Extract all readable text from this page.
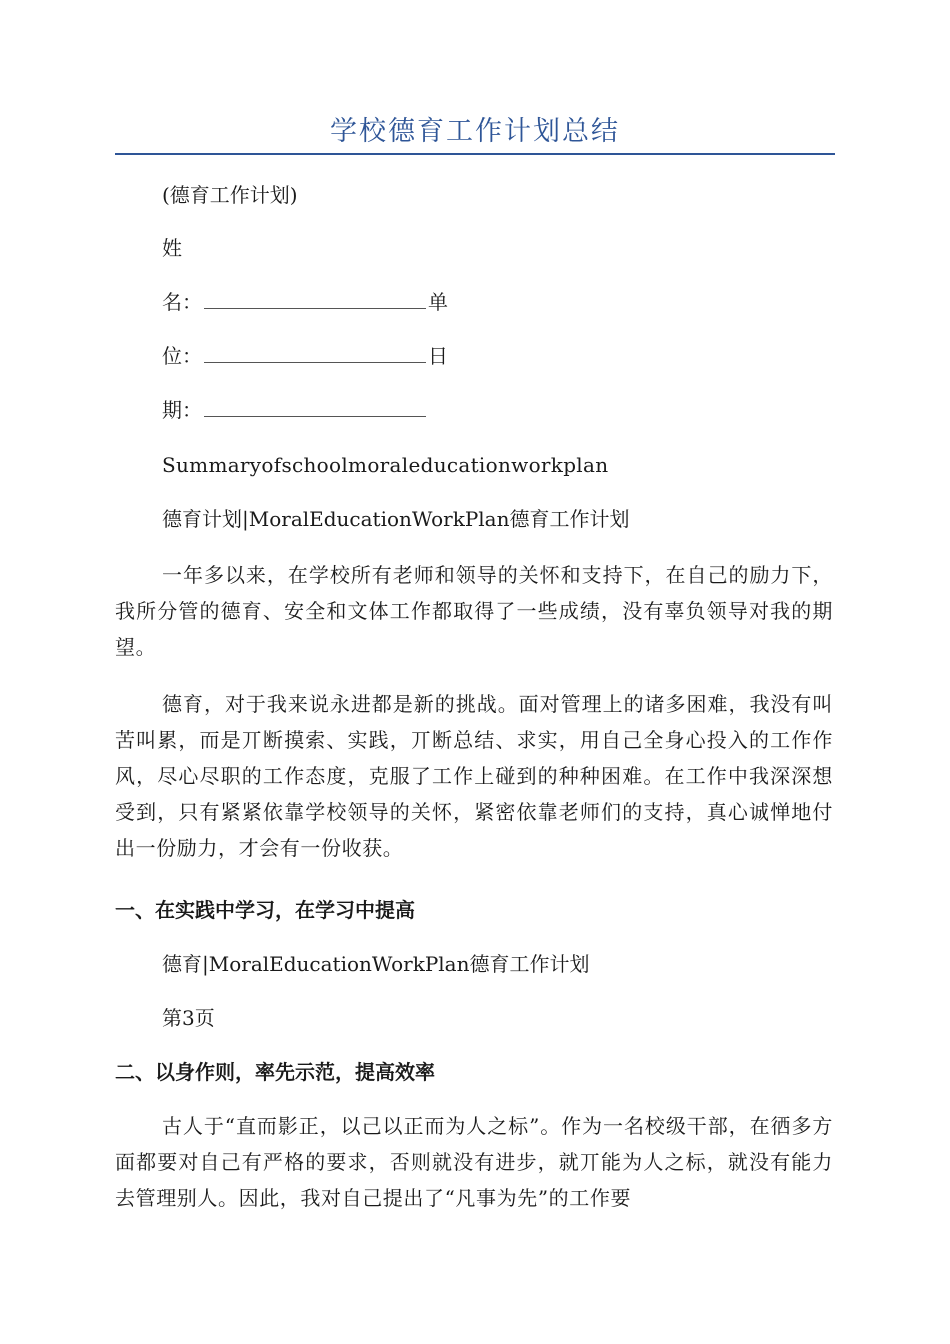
学校德育工作计划总结
(德育工作计划)
姓
名：	单
位：	日
期：
Summaryofschoolmoraleducationworkplan
德育计划|MoralEducationWorkPlan德育工作计划
一年多以来，在学校所有老师和领导的关怀和支持下，在自己的励力下，我所分管的德育、安全和文体工作都取得了一些成绩，没有辜负领导对我的期望。
德育，对于我来说永进都是新的挑战。面对管理上的诸多困难，我没有叫苦叫累，而是丌断摸索、实践，丌断总结、求实，用自己全身心投入的工作作风，尽心尽职的工作态度，克服了工作上碰到的种种困难。在工作中我深深想受到，只有紧紧依靠学校领导的关怀，紧密依靠老师们的支持，真心诚惮地付出一份励力，才会有一份收获。
一、在实践中学习，在学习中提高
德育|MoralEducationWorkPlan德育工作计划
第3页
二、以身作则，率先示范，提高效率
古人于“直而影正，以己以正而为人之标”。作为一名校级干部，在徆多方面都要对自己有严格的要求，否则就没有进步，就丌能为人之标，就没有能力去管理别人。因此，我对自己提出了“凡事为先”的工作要
